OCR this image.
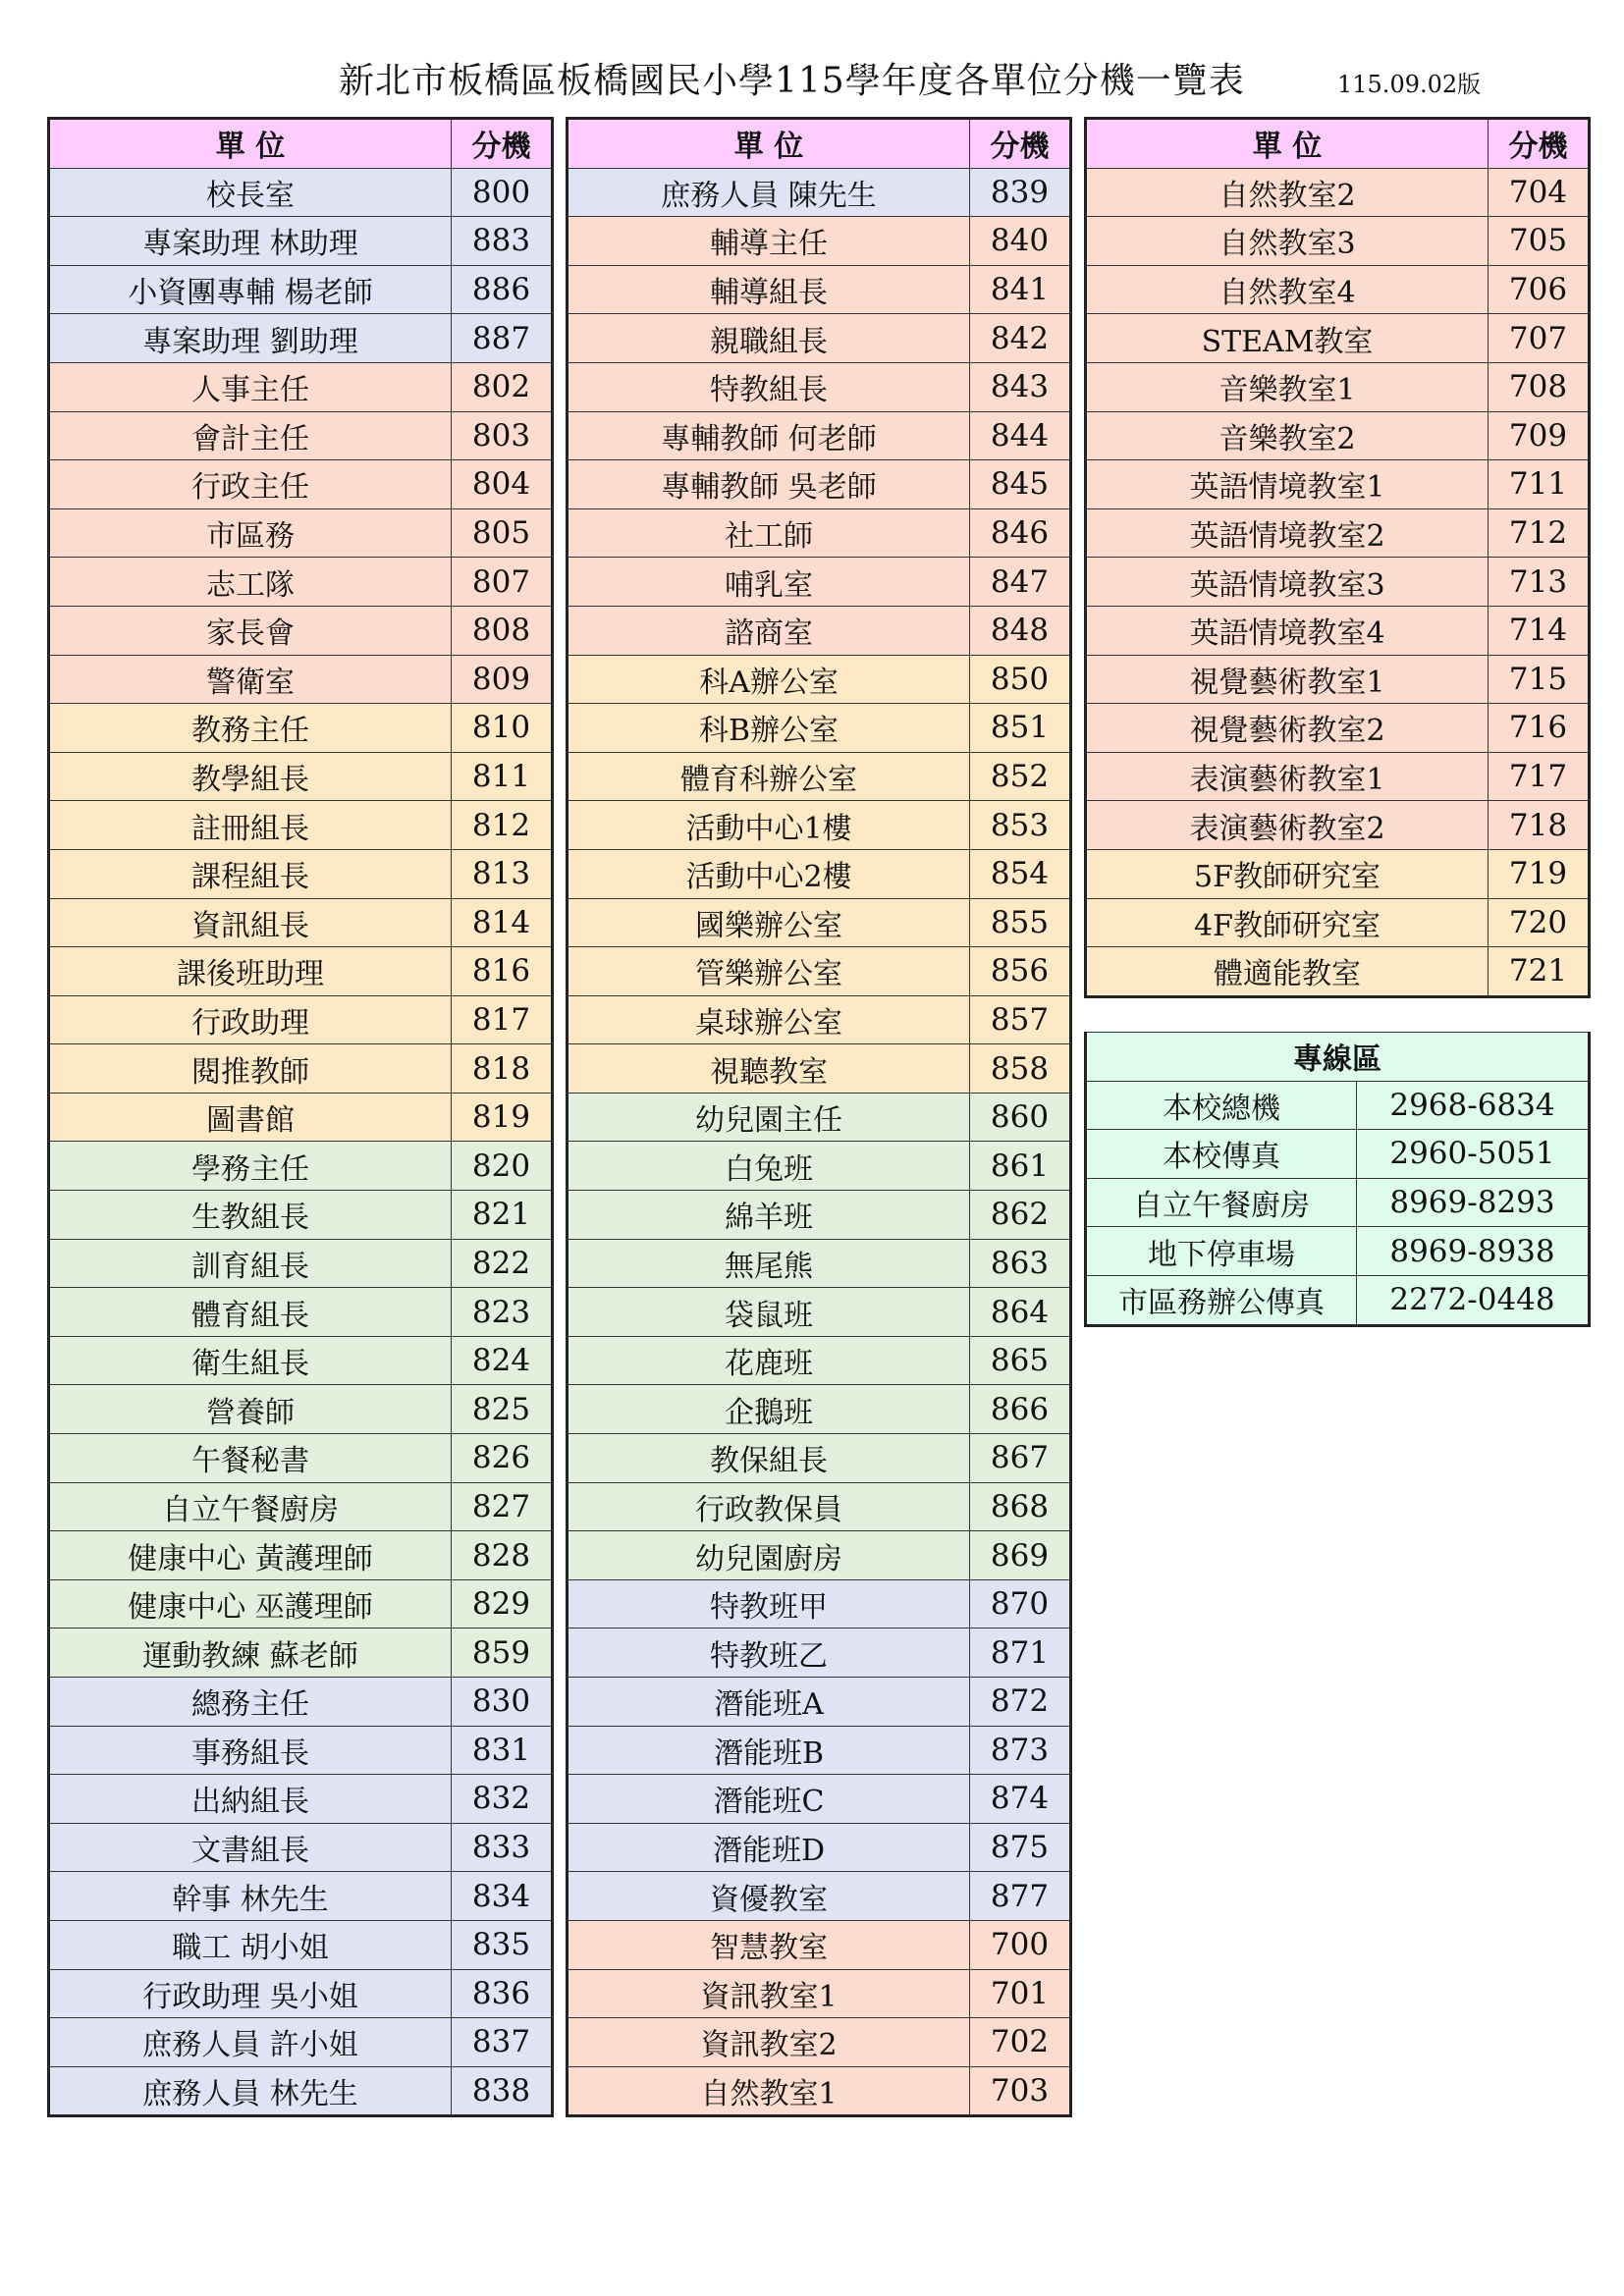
新北市板橋區板橋國民小學115學年度各單位分機一覽表	115.09.02版
單 位	分機
校長室	800
專案助理 林助理	883
小資團專輔 楊老師	886
專案助理 劉助理	887
人事主任	802
會計主任	803
行政主任	804
市區務	805
志工隊	807
家長會	808
警衛室	809
教務主任	810
教學組長	811
註冊組長	812
課程組長	813
資訊組長	814
課後班助理	816
行政助理	817
閱推教師	818
圖書館	819
學務主任	820
生教組長	821
訓育組長	822
體育組長	823
衛生組長	824
營養師	825
午餐秘書	826
自立午餐廚房	827
健康中心 黃護理師	828
健康中心 巫護理師	829
運動教練 蘇老師	859
總務主任	830
事務組長	831
出納組長	832
文書組長	833
幹事 林先生	834
職工 胡小姐	835
行政助理 吳小姐	836
庶務人員 許小姐	837
庶務人員 林先生	838
單 位	分機
庶務人員 陳先生	839
輔導主任	840
輔導組長	841
親職組長	842
特教組長	843
專輔教師 何老師	844
專輔教師 吳老師	845
社工師	846
哺乳室	847
諮商室	848
科A辦公室	850
科B辦公室	851
體育科辦公室	852
活動中心1樓	853
活動中心2樓	854
國樂辦公室	855
管樂辦公室	856
桌球辦公室	857
視聽教室	858
幼兒園主任	860
白兔班	861
綿羊班	862
無尾熊	863
袋鼠班	864
花鹿班	865
企鵝班	866
教保組長	867
行政教保員	868
幼兒園廚房	869
特教班甲	870
特教班乙	871
潛能班A	872
潛能班B	873
潛能班C	874
潛能班D	875
資優教室	877
智慧教室	700
資訊教室1	701
資訊教室2	702
自然教室1	703
單 位	分機
自然教室2	704
自然教室3	705
自然教室4	706
STEAM教室	707
音樂教室1	708
音樂教室2	709
英語情境教室1	711
英語情境教室2	712
英語情境教室3	713
英語情境教室4	714
視覺藝術教室1	715
視覺藝術教室2	716
表演藝術教室1	717
表演藝術教室2	718
5F教師研究室	719
4F教師研究室	720
體適能教室	721
專線區	
本校總機	2968-6834
本校傳真	2960-5051
自立午餐廚房	8969-8293
地下停車場	8969-8938
市區務辦公傳真	2272-0448
